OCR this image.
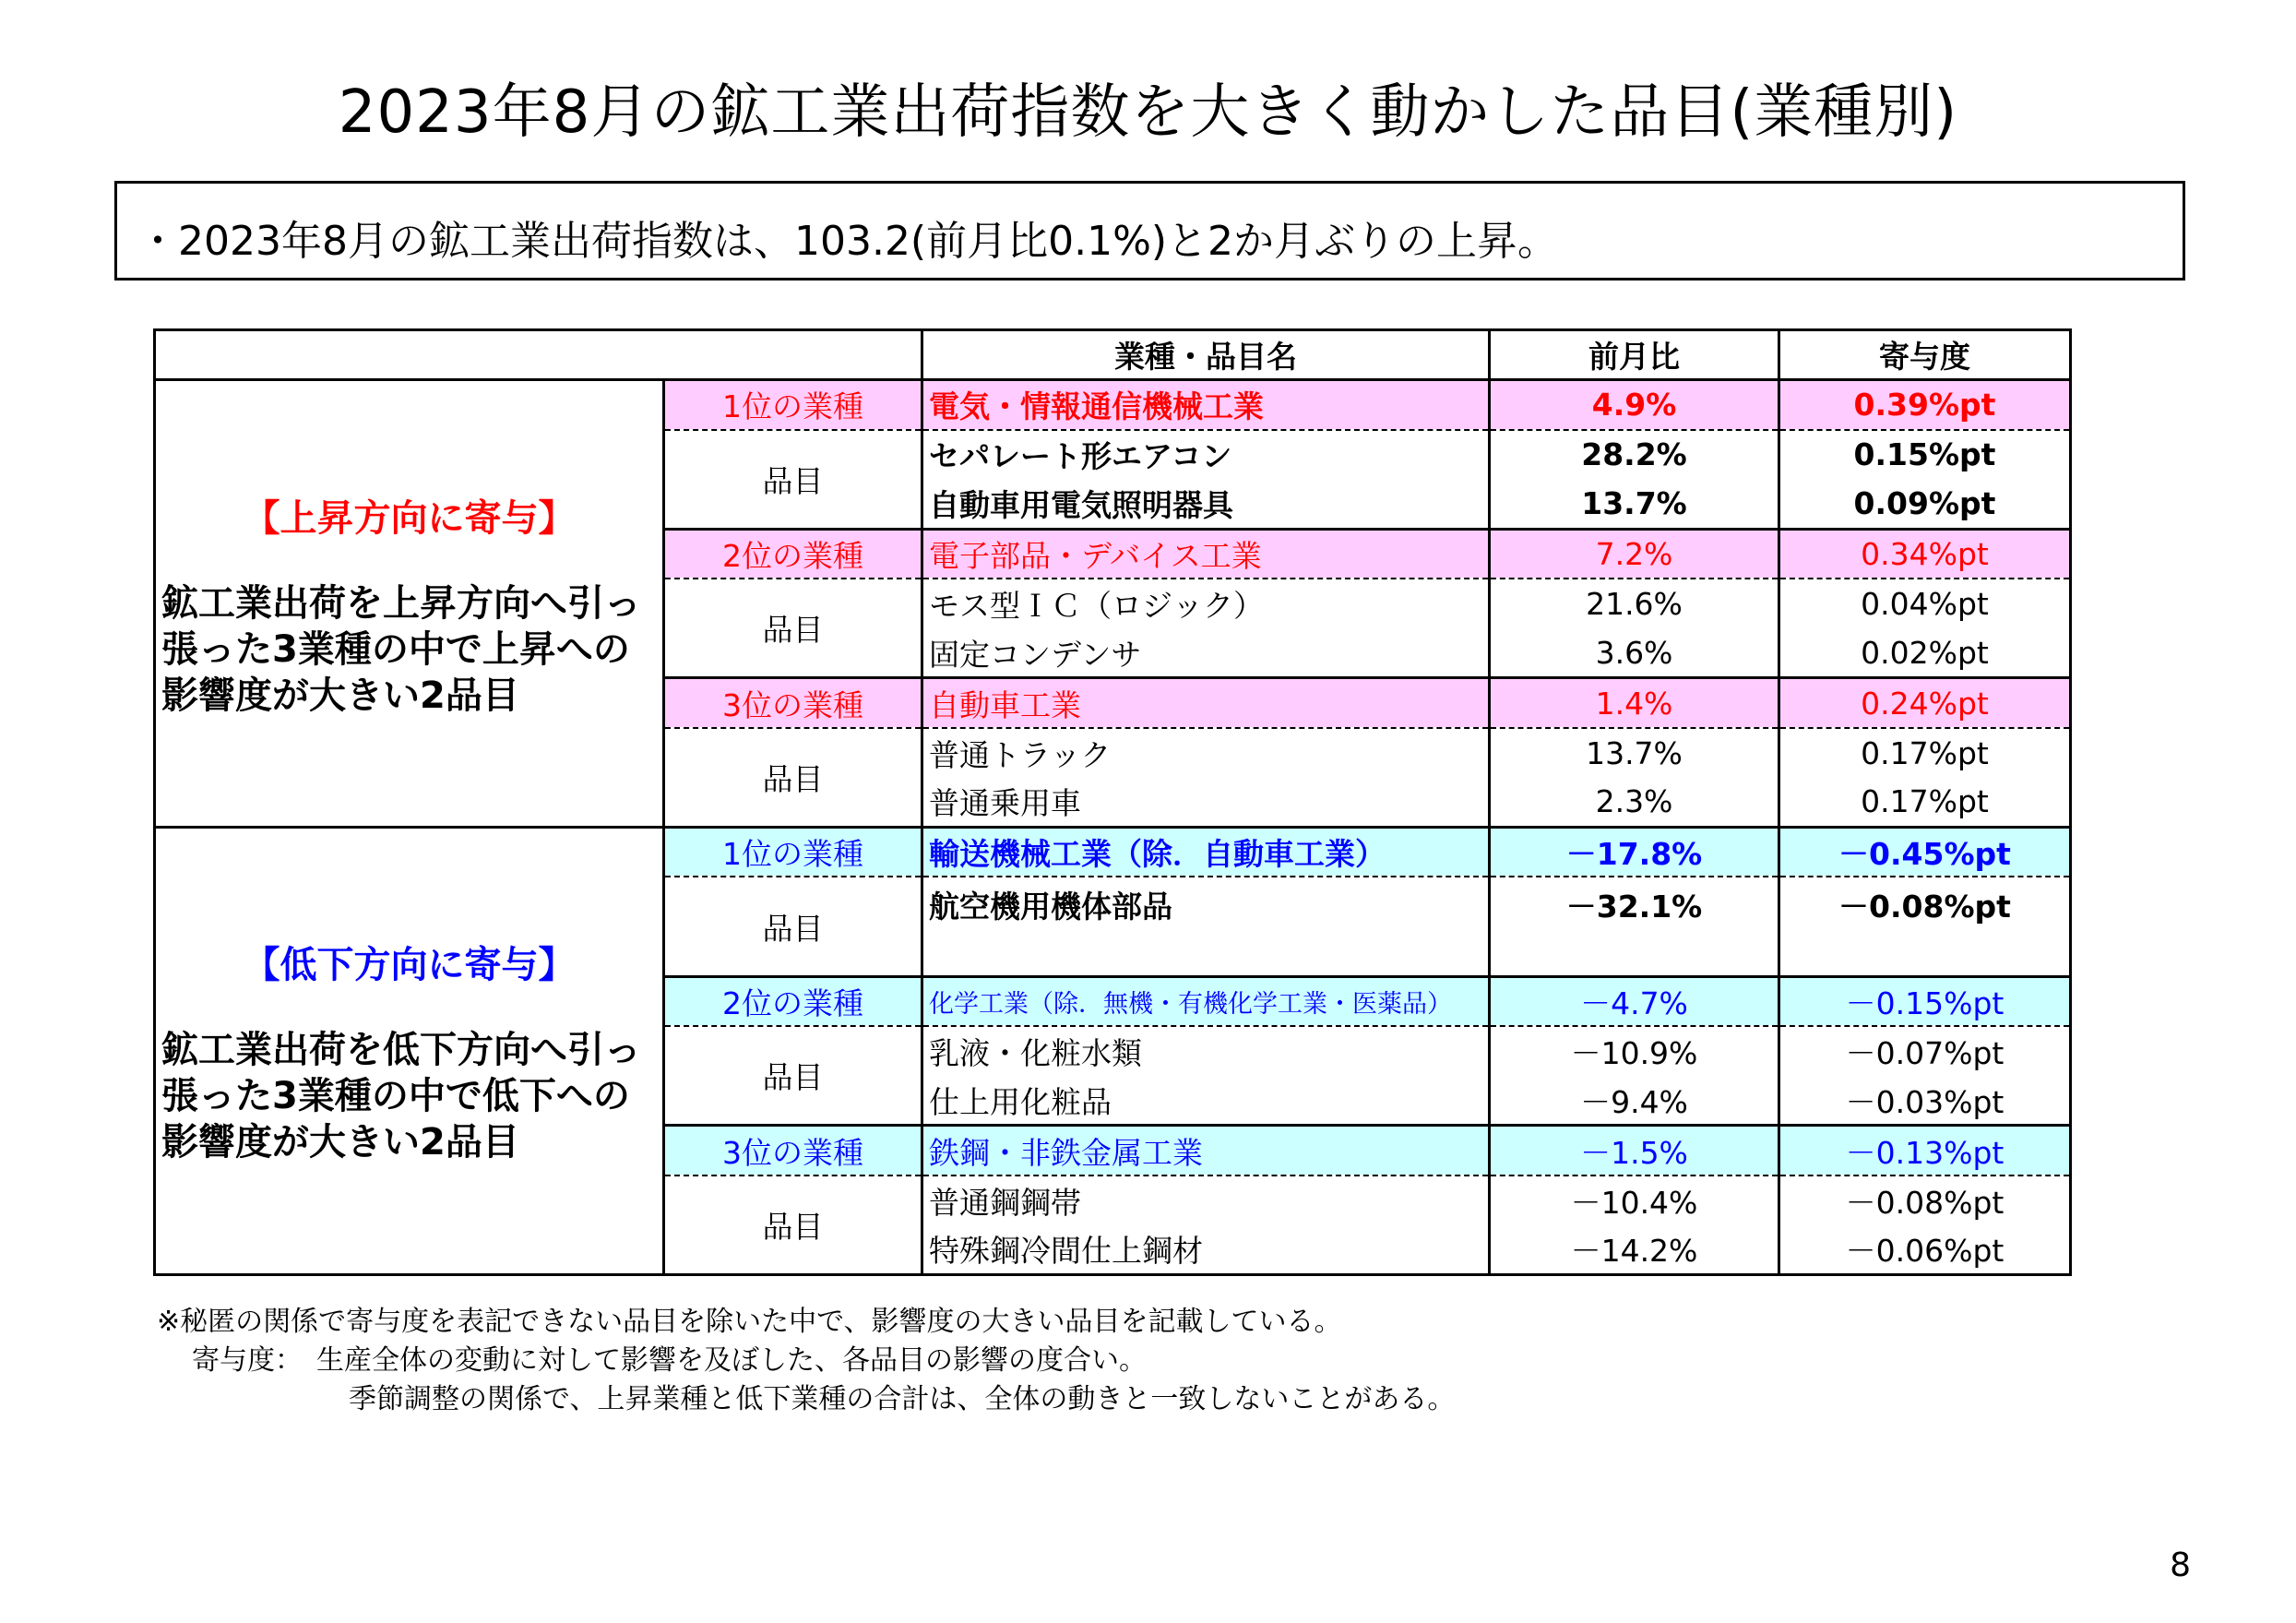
2023年8月の鉱工業出荷指数を大きく動かした品目(業種別)
・2023年8月の鉱工業出荷指数は、103.2(前月比0.1%)と2か月ぶりの上昇。
		業種・品目名	前月比	寄与度

【上昇方向に寄与】
鉱工業出荷を上昇方向へ引っ張った3業種の中で上昇への影響度が大きい2品目	1位の業種	電気・情報通信機械工業	4.9%	0.39%pt
	品目	セパレート形エアコン	28.2%	0.15%pt
		自動車用電気照明器具	13.7%	0.09%pt
	2位の業種	電子部品・デバイス工業	7.2%	0.34%pt
	品目	モス型ＩＣ（ロジック）	21.6%	0.04%pt
		固定コンデンサ	3.6%	0.02%pt
	3位の業種	自動車工業	1.4%	0.24%pt
	品目	普通トラック	13.7%	0.17%pt
		普通乗用車	2.3%	0.17%pt

【低下方向に寄与】
鉱工業出荷を低下方向へ引っ張った3業種の中で低下への影響度が大きい2品目	1位の業種	輸送機械工業（除．自動車工業）	－17.8%	－0.45%pt
	品目	航空機用機体部品	－32.1%	－0.08%pt

	2位の業種	化学工業（除．無機・有機化学工業・医薬品）	－4.7%	－0.15%pt
	品目	乳液・化粧水類	－10.9%	－0.07%pt
		仕上用化粧品	－9.4%	－0.03%pt
	3位の業種	鉄鋼・非鉄金属工業	－1.5%	－0.13%pt
	品目	普通鋼鋼帯	－10.4%	－0.08%pt
		特殊鋼冷間仕上鋼材	－14.2%	－0.06%pt
※秘匿の関係で寄与度を表記できない品目を除いた中で、影響度の大きい品目を記載している。
寄与度：　生産全体の変動に対して影響を及ぼした、各品目の影響の度合い。
季節調整の関係で、上昇業種と低下業種の合計は、全体の動きと一致しないことがある。
8
